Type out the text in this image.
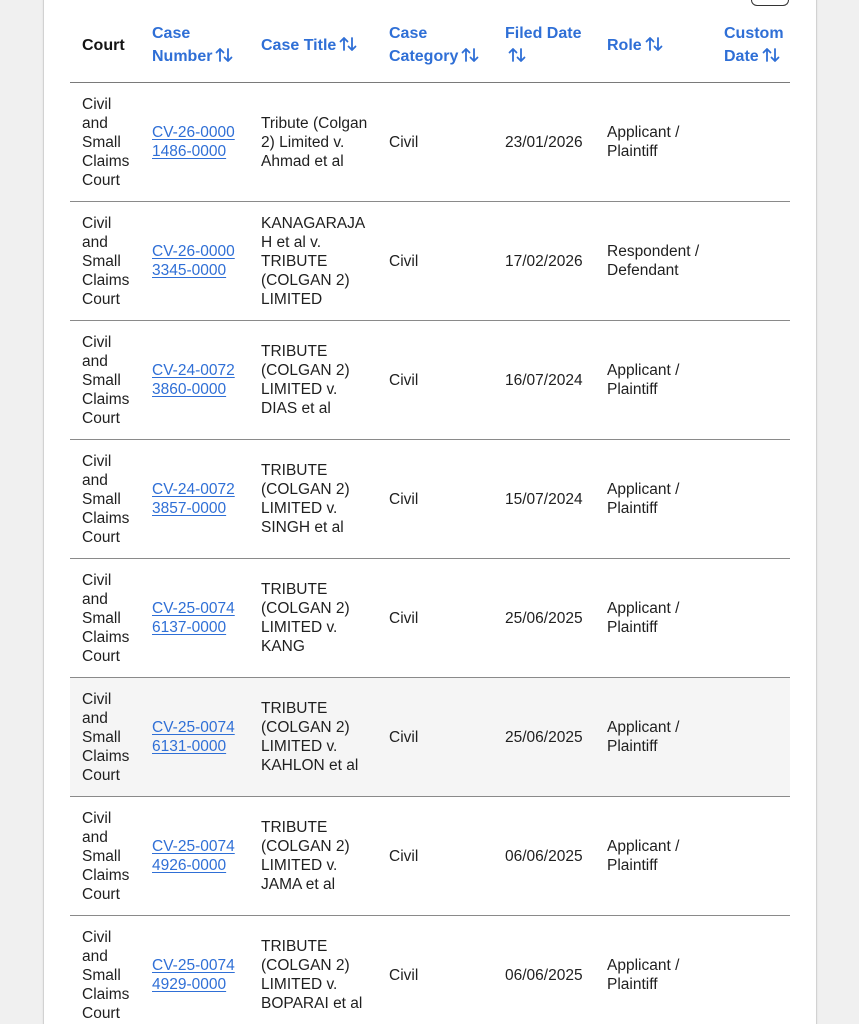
Court	Case Number	Case Title	Case Category	Filed Date	Role	Custom Date
Civil and Small Claims Court	CV-26-00001486-0000	Tribute (Colgan 2) Limited v. Ahmad et al	Civil	23/01/2026	Applicant / Plaintiff	
Civil and Small Claims Court	CV-26-00003345-0000	KANAGARAJAH et al v. TRIBUTE (COLGAN 2) LIMITED	Civil	17/02/2026	Respondent / Defendant	
Civil and Small Claims Court	CV-24-00723860-0000	TRIBUTE (COLGAN 2) LIMITED v. DIAS et al	Civil	16/07/2024	Applicant / Plaintiff	
Civil and Small Claims Court	CV-24-00723857-0000	TRIBUTE (COLGAN 2) LIMITED v. SINGH et al	Civil	15/07/2024	Applicant / Plaintiff	
Civil and Small Claims Court	CV-25-00746137-0000	TRIBUTE (COLGAN 2) LIMITED v. KANG	Civil	25/06/2025	Applicant / Plaintiff	
Civil and Small Claims Court	CV-25-00746131-0000	TRIBUTE (COLGAN 2) LIMITED v. KAHLON et al	Civil	25/06/2025	Applicant / Plaintiff	
Civil and Small Claims Court	CV-25-00744926-0000	TRIBUTE (COLGAN 2) LIMITED v. JAMA et al	Civil	06/06/2025	Applicant / Plaintiff	
Civil and Small Claims Court	CV-25-00744929-0000	TRIBUTE (COLGAN 2) LIMITED v. BOPARAI et al	Civil	06/06/2025	Applicant / Plaintiff	
